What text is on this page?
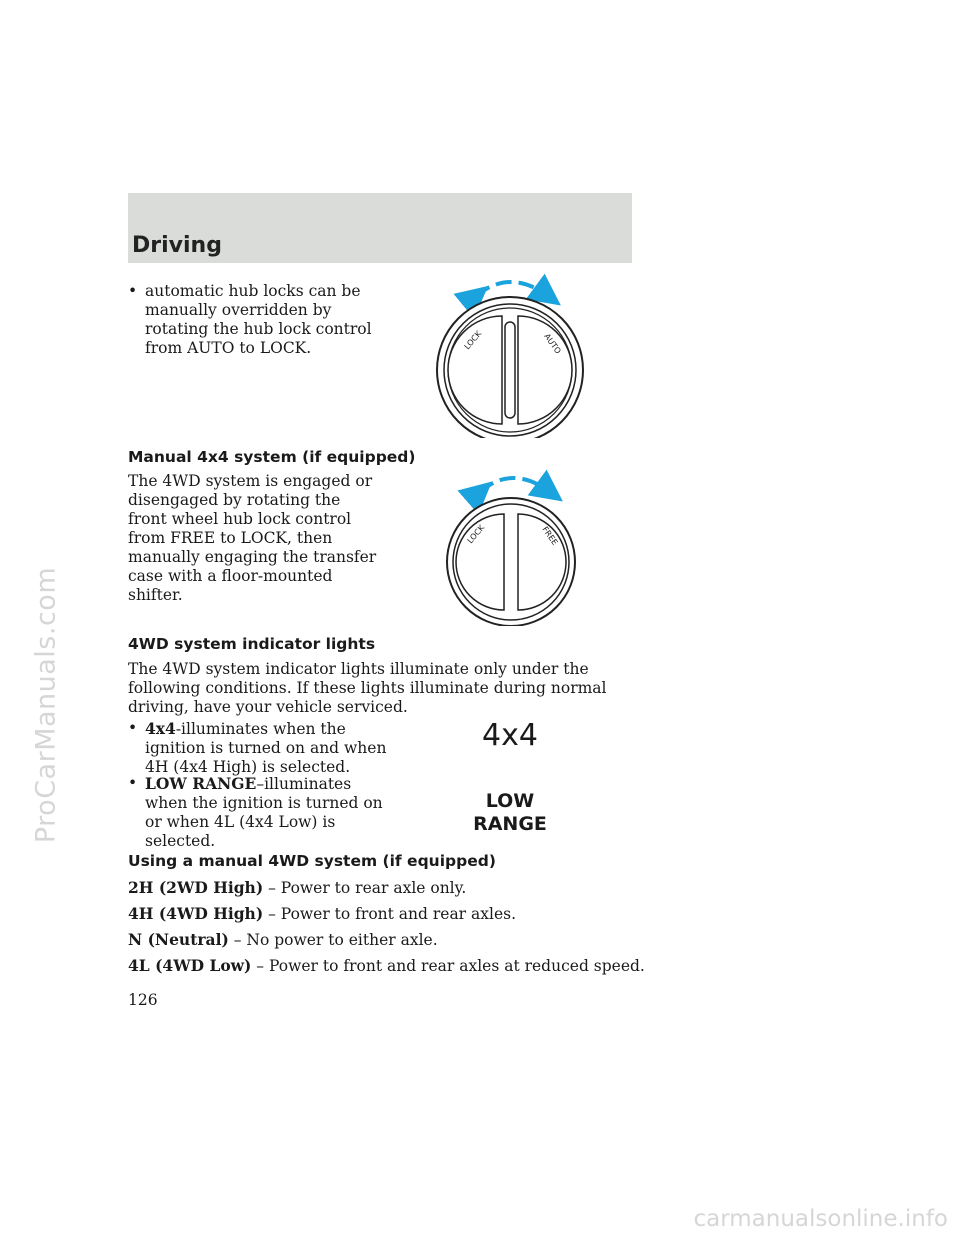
ProCarManuals.com
carmanualsonline.info
Driving
• automatic hub locks can be manually overridden by rotating the hub lock control from AUTO to LOCK.	LOCK	AUTO

Manual 4x4 system (if equipped)

The 4WD system is engaged or disengaged by rotating the front wheel hub lock control from FREE to LOCK, then manually engaging the transfer case with a floor-mounted shifter.

LOCK	FREE

4WD system indicator lights

The 4WD system indicator lights illuminate only under the following conditions. If these lights illuminate during normal driving, have your vehicle serviced.

• 4x4-illuminates when the ignition is turned on and when 4H (4x4 High) is selected.

• LOW RANGE–illuminates when the ignition is turned on or when 4L (4x4 Low) is selected.

4x4
LOW
RANGE

Using a manual 4WD system (if equipped)

2H (2WD High) – Power to rear axle only.

4H (4WD High) – Power to front and rear axles.

N (Neutral) – No power to either axle.

4L (4WD Low) – Power to front and rear axles at reduced speed.

126
